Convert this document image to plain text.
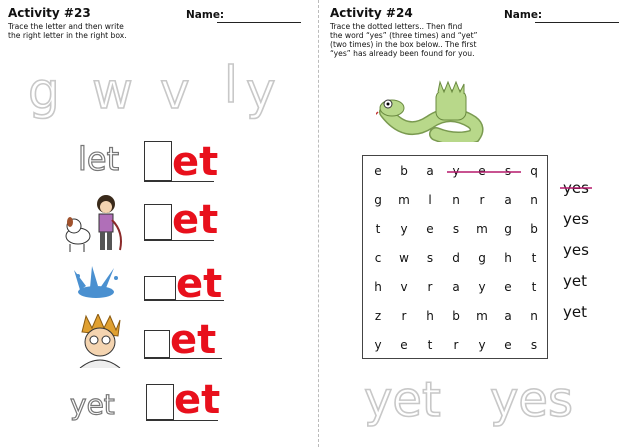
Activity #23	Name:
Trace the letter and then write
the right letter in the right box.
g w v l y
let et
et
et
et
yet et
Activity #24	Name:
Trace the dotted letters.. Then find
the word “yes” (three times) and “yet”
(two times) in the box below.. The first
“yes” has already been found for you.
e	b	a	y	e	s	q
g	m	l	n	r	a	n
t	y	e	s	m	g	b
c	w	s	d	g	h	t
h	v	r	a	y	e	t
z	r	h	b	m	a	n
y	e	t	r	y	e	s
yes
yes
yes
yet
yet
yet yes
